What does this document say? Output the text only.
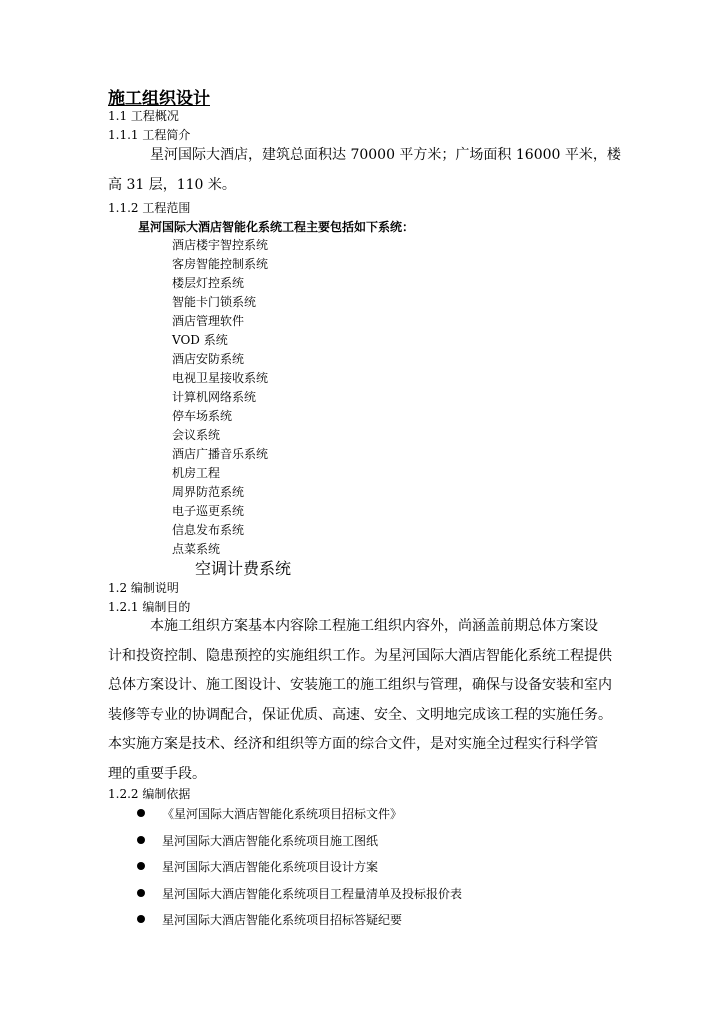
施工组织设计
1.1 工程概况
1.1.1 工程简介
星河国际大酒店，建筑总面积达 70000 平方米；广场面积 16000 平米，楼
高 31 层，110 米。
1.1.2 工程范围
星河国际大酒店智能化系统工程主要包括如下系统：
酒店楼宇智控系统
客房智能控制系统
楼层灯控系统
智能卡门锁系统
酒店管理软件
VOD 系统
酒店安防系统
电视卫星接收系统
计算机网络系统
停车场系统
会议系统
酒店广播音乐系统
机房工程
周界防范系统
电子巡更系统
信息发布系统
点菜系统
空调计费系统
1.2 编制说明
1.2.1 编制目的
本施工组织方案基本内容除工程施工组织内容外，尚涵盖前期总体方案设
计和投资控制、隐患预控的实施组织工作。为星河国际大酒店智能化系统工程提供
总体方案设计、施工图设计、安装施工的施工组织与管理，确保与设备安装和室内
装修等专业的协调配合，保证优质、高速、安全、文明地完成该工程的实施任务。
本实施方案是技术、经济和组织等方面的综合文件，是对实施全过程实行科学管
理的重要手段。
1.2.2 编制依据
《星河国际大酒店智能化系统项目招标文件》
星河国际大酒店智能化系统项目施工图纸
星河国际大酒店智能化系统项目设计方案
星河国际大酒店智能化系统项目工程量清单及投标报价表
星河国际大酒店智能化系统项目招标答疑纪要
